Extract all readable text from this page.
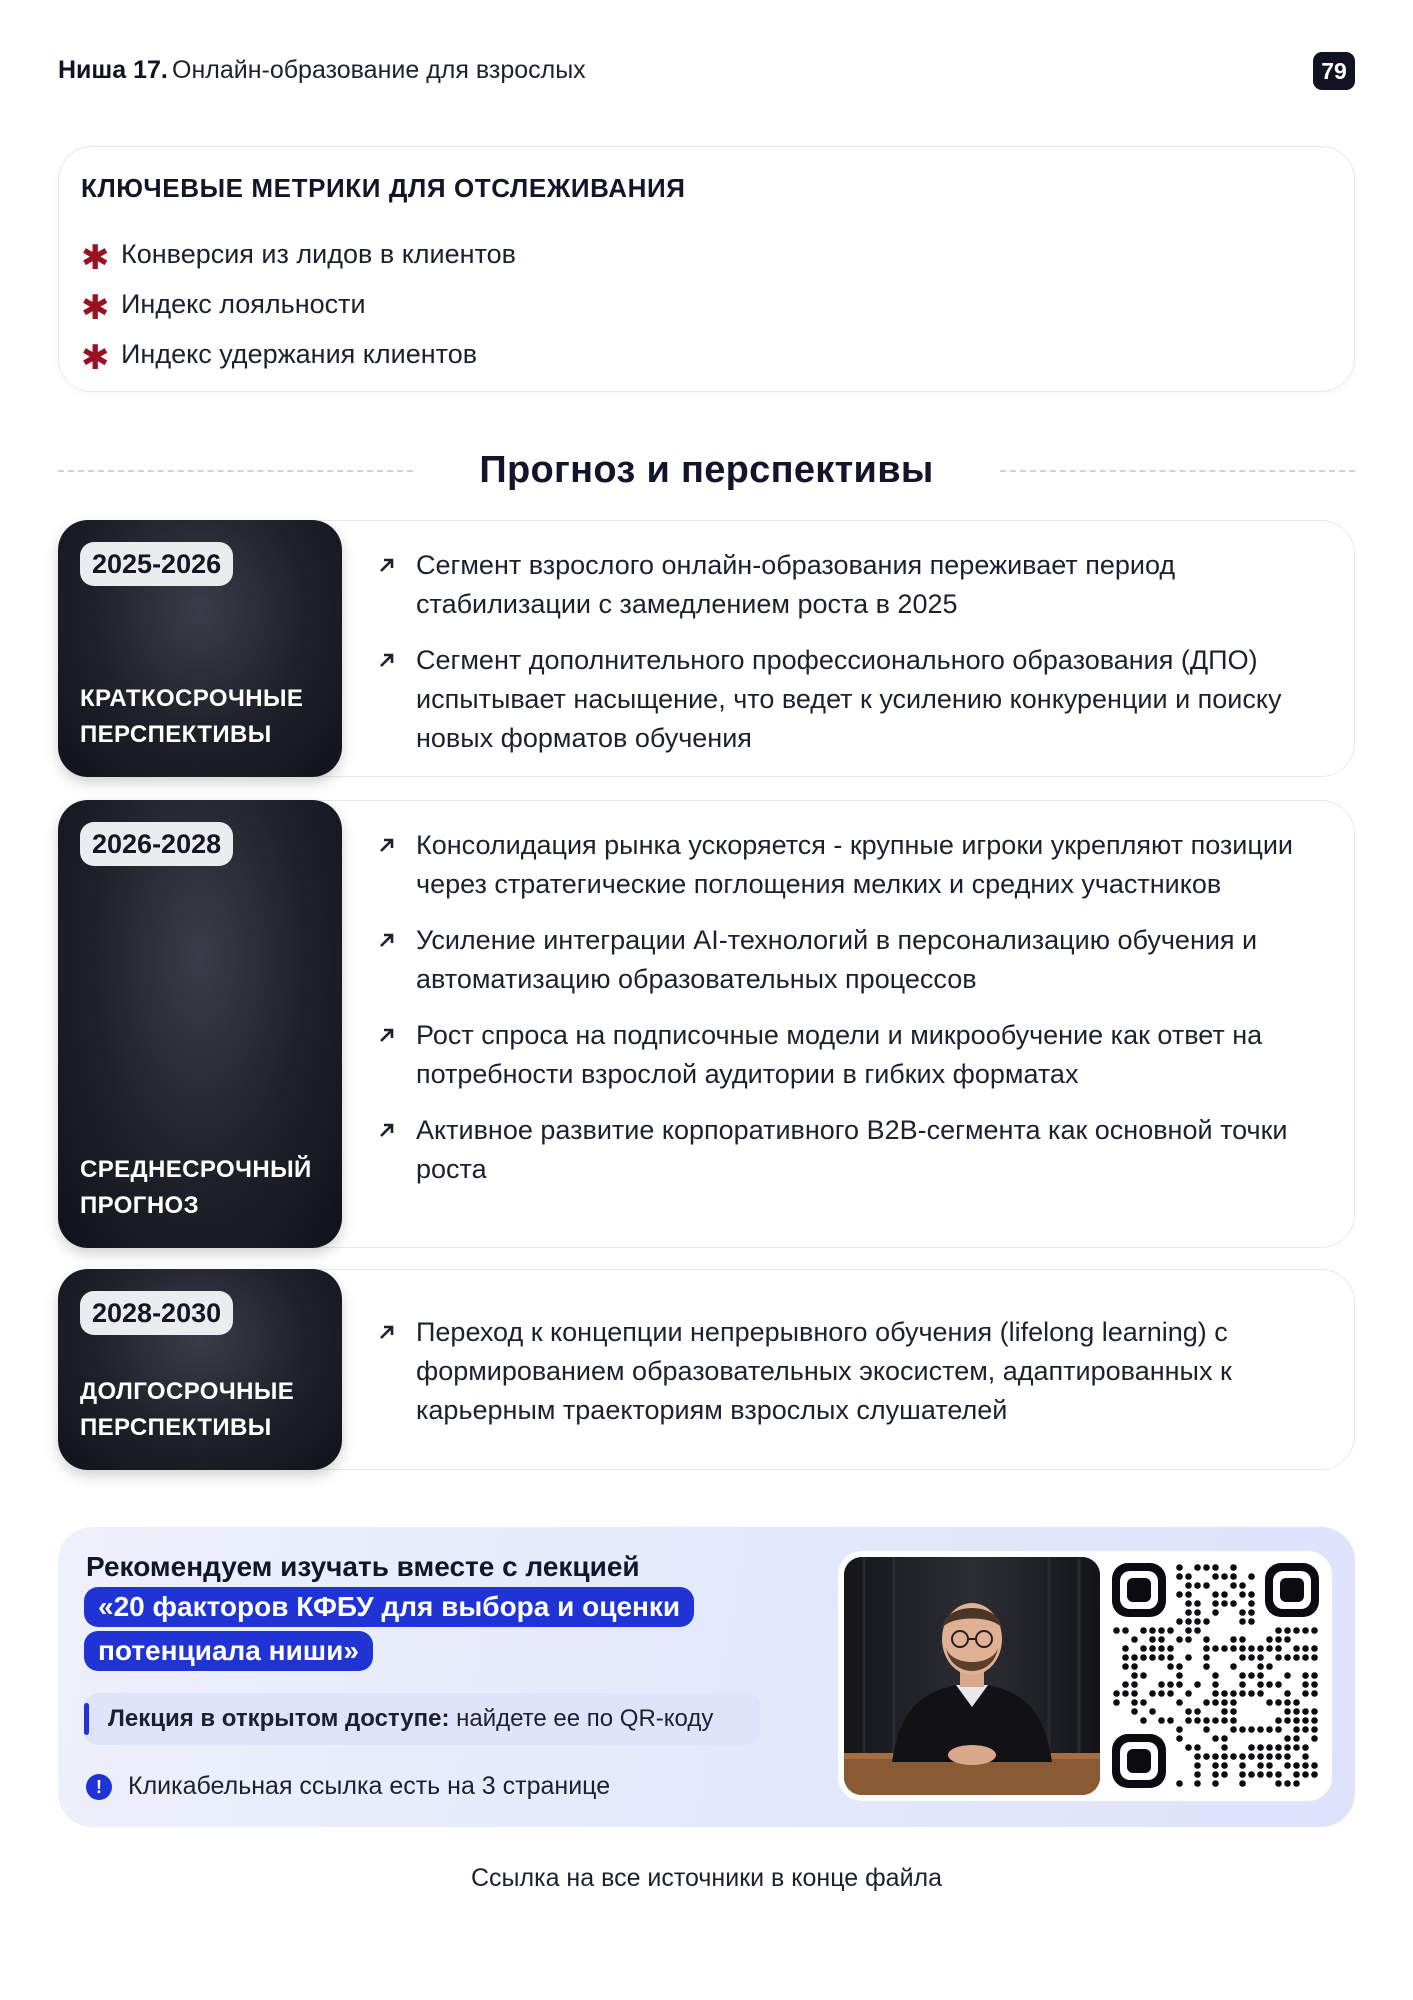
Ниша 17. Онлайн-образование для взрослых	79
КЛЮЧЕВЫЕ МЕТРИКИ ДЛЯ ОТСЛЕЖИВАНИЯ
✱ Конверсия из лидов в клиентов
✱ Индекс лояльности
✱ Индекс удержания клиентов
Прогноз и перспективы
2025-2026
КРАТКОСРОЧНЫЕ ПЕРСПЕКТИВЫ
Сегмент взрослого онлайн-образования переживает период стабилизации с замедлением роста в 2025
Сегмент дополнительного профессионального образования (ДПО) испытывает насыщение, что ведет к усилению конкуренции и поиску новых форматов обучения
2026-2028
СРЕДНЕСРОЧНЫЙ ПРОГНОЗ
Консолидация рынка ускоряется - крупные игроки укрепляют позиции через стратегические поглощения мелких и средних участников
Усиление интеграции AI-технологий в персонализацию обучения и автоматизацию образовательных процессов
Рост спроса на подписочные модели и микрообучение как ответ на потребности взрослой аудитории в гибких форматах
Активное развитие корпоративного B2B-сегмента как основной точки роста
2028-2030
ДОЛГОСРОЧНЫЕ ПЕРСПЕКТИВЫ
Переход к концепции непрерывного обучения (lifelong learning) с формированием образовательных экосистем, адаптированных к карьерным траекториям взрослых слушателей
Рекомендуем изучать вместе с лекцией
«20 факторов КФБУ для выбора и оценки
потенциала ниши»
Лекция в открытом доступе: найдете ее по QR-коду
!	Кликабельная ссылка есть на 3 странице
Ссылка на все источники в конце файла
